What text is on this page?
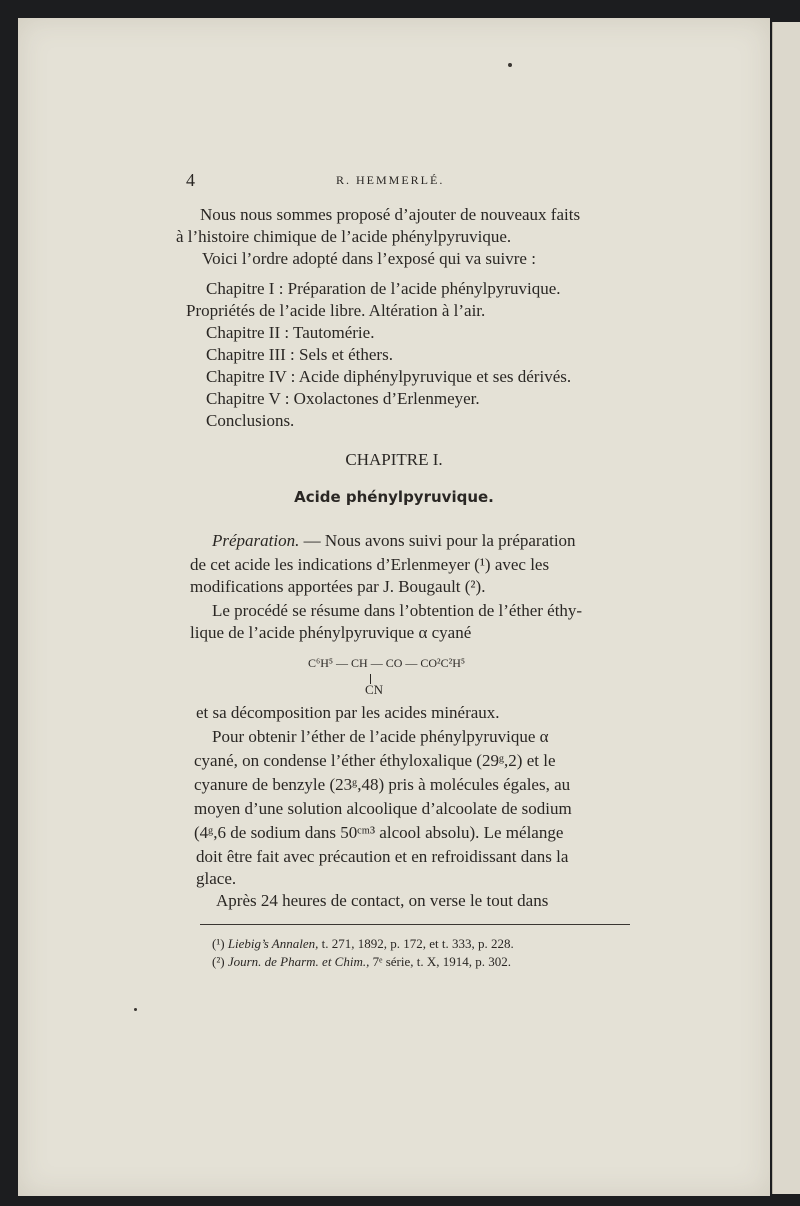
4	R. HEMMERLÉ.
Nous nous sommes proposé d’ajouter de nouveaux faits
à l’histoire chimique de l’acide phénylpyruvique.
Voici l’ordre adopté dans l’exposé qui va suivre :
Chapitre I : Préparation de l’acide phénylpyruvique.
Propriétés de l’acide libre. Altération à l’air.
Chapitre II : Tautomérie.
Chapitre III : Sels et éthers.
Chapitre IV : Acide diphénylpyruvique et ses dérivés.
Chapitre V : Oxolactones d’Erlenmeyer.
Conclusions.
CHAPITRE I.
Acide phénylpyruvique.
Préparation. — Nous avons suivi pour la préparation
de cet acide les indications d’Erlenmeyer (¹) avec les
modifications apportées par J. Bougault (²).
Le procédé se résume dans l’obtention de l’éther éthy-
lique de l’acide phénylpyruvique α cyané
C⁶H⁵ — CH — CO — CO²C²H⁵
CN
et sa décomposition par les acides minéraux.
Pour obtenir l’éther de l’acide phénylpyruvique α
cyané, on condense l’éther éthyloxalique (29ᵍ,2) et le
cyanure de benzyle (23ᵍ,48) pris à molécules égales, au
moyen d’une solution alcoolique d’alcoolate de sodium
(4ᵍ,6 de sodium dans 50ᶜᵐ³ alcool absolu). Le mélange
doit être fait avec précaution et en refroidissant dans la
glace.
Après 24 heures de contact, on verse le tout dans
(¹) Liebig’s Annalen, t. 271, 1892, p. 172, et t. 333, p. 228.
(²) Journ. de Pharm. et Chim., 7ᵉ série, t. X, 1914, p. 302.
